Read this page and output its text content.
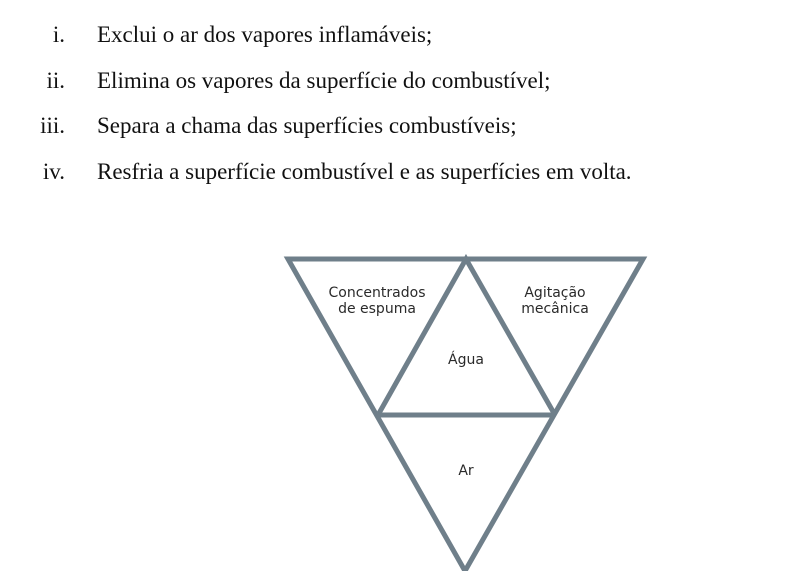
i. Exclui o ar dos vapores inflamáveis;
ii. Elimina os vapores da superfície do combustível;
iii. Separa a chama das superfícies combustíveis;
iv. Resfria a superfície combustível e as superfícies em volta.
Concentrados
de espuma
Agitação
mecânica
Água
Ar
